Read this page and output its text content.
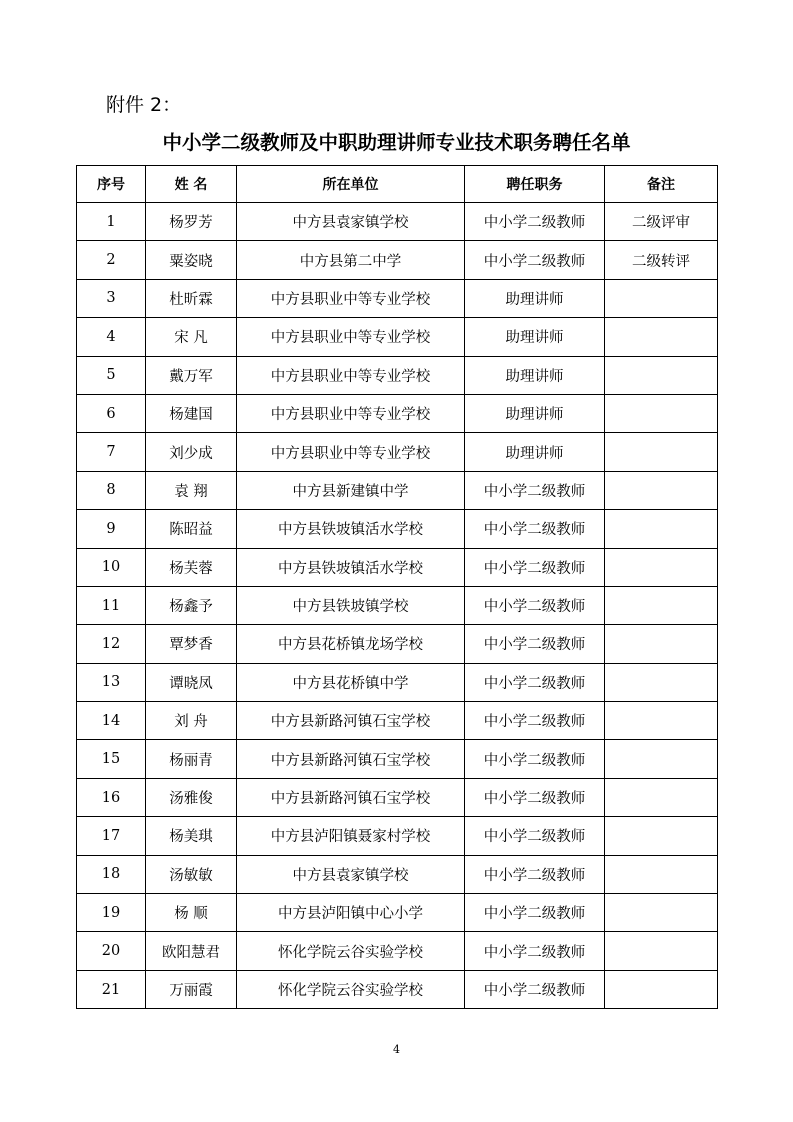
附件 2：
中小学二级教师及中职助理讲师专业技术职务聘任名单
序号	姓 名	所在单位	聘任职务	备注
1	杨罗芳	中方县袁家镇学校	中小学二级教师	二级评审
2	粟姿晓	中方县第二中学	中小学二级教师	二级转评
3	杜昕霖	中方县职业中等专业学校	助理讲师	
4	宋 凡	中方县职业中等专业学校	助理讲师	
5	戴万军	中方县职业中等专业学校	助理讲师	
6	杨建国	中方县职业中等专业学校	助理讲师	
7	刘少成	中方县职业中等专业学校	助理讲师	
8	袁 翔	中方县新建镇中学	中小学二级教师	
9	陈昭益	中方县铁坡镇活水学校	中小学二级教师	
10	杨芙蓉	中方县铁坡镇活水学校	中小学二级教师	
11	杨鑫予	中方县铁坡镇学校	中小学二级教师	
12	覃梦香	中方县花桥镇龙场学校	中小学二级教师	
13	谭晓凤	中方县花桥镇中学	中小学二级教师	
14	刘 舟	中方县新路河镇石宝学校	中小学二级教师	
15	杨丽青	中方县新路河镇石宝学校	中小学二级教师	
16	汤雅俊	中方县新路河镇石宝学校	中小学二级教师	
17	杨美琪	中方县泸阳镇聂家村学校	中小学二级教师	
18	汤敏敏	中方县袁家镇学校	中小学二级教师	
19	杨 顺	中方县泸阳镇中心小学	中小学二级教师	
20	欧阳慧君	怀化学院云谷实验学校	中小学二级教师	
21	万丽霞	怀化学院云谷实验学校	中小学二级教师	
4
